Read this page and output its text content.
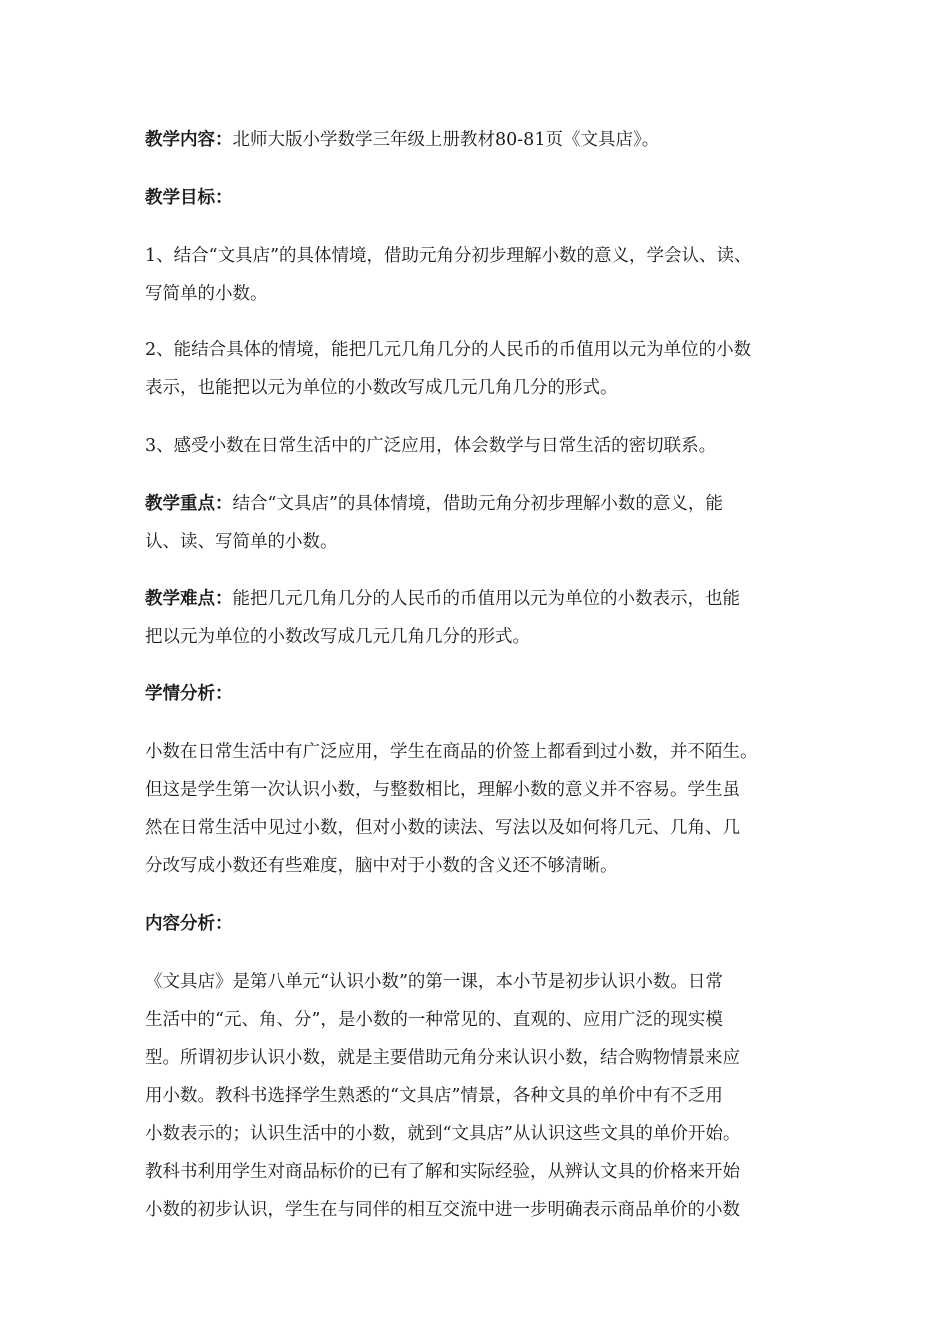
教学内容：北师大版小学数学三年级上册教材80-81页《文具店》。

教学目标：

1、结合“文具店”的具体情境，借助元角分初步理解小数的意义，学会认、读、
写简单的小数。

2、能结合具体的情境，能把几元几角几分的人民币的币值用以元为单位的小数
表示，也能把以元为单位的小数改写成几元几角几分的形式。

3、感受小数在日常生活中的广泛应用，体会数学与日常生活的密切联系。

教学重点：结合“文具店”的具体情境，借助元角分初步理解小数的意义，能
认、读、写简单的小数。

教学难点：能把几元几角几分的人民币的币值用以元为单位的小数表示，也能
把以元为单位的小数改写成几元几角几分的形式。

学情分析：

小数在日常生活中有广泛应用，学生在商品的价签上都看到过小数，并不陌生。
但这是学生第一次认识小数，与整数相比，理解小数的意义并不容易。学生虽
然在日常生活中见过小数，但对小数的读法、写法以及如何将几元、几角、几
分改写成小数还有些难度，脑中对于小数的含义还不够清晰。

内容分析：

《文具店》是第八单元“认识小数”的第一课，本小节是初步认识小数。日常
生活中的“元、角、分”，是小数的一种常见的、直观的、应用广泛的现实模
型。所谓初步认识小数，就是主要借助元角分来认识小数，结合购物情景来应
用小数。教科书选择学生熟悉的“文具店”情景，各种文具的单价中有不乏用
小数表示的；认识生活中的小数，就到“文具店”从认识这些文具的单价开始。
教科书利用学生对商品标价的已有了解和实际经验，从辨认文具的价格来开始
小数的初步认识，学生在与同伴的相互交流中进一步明确表示商品单价的小数
